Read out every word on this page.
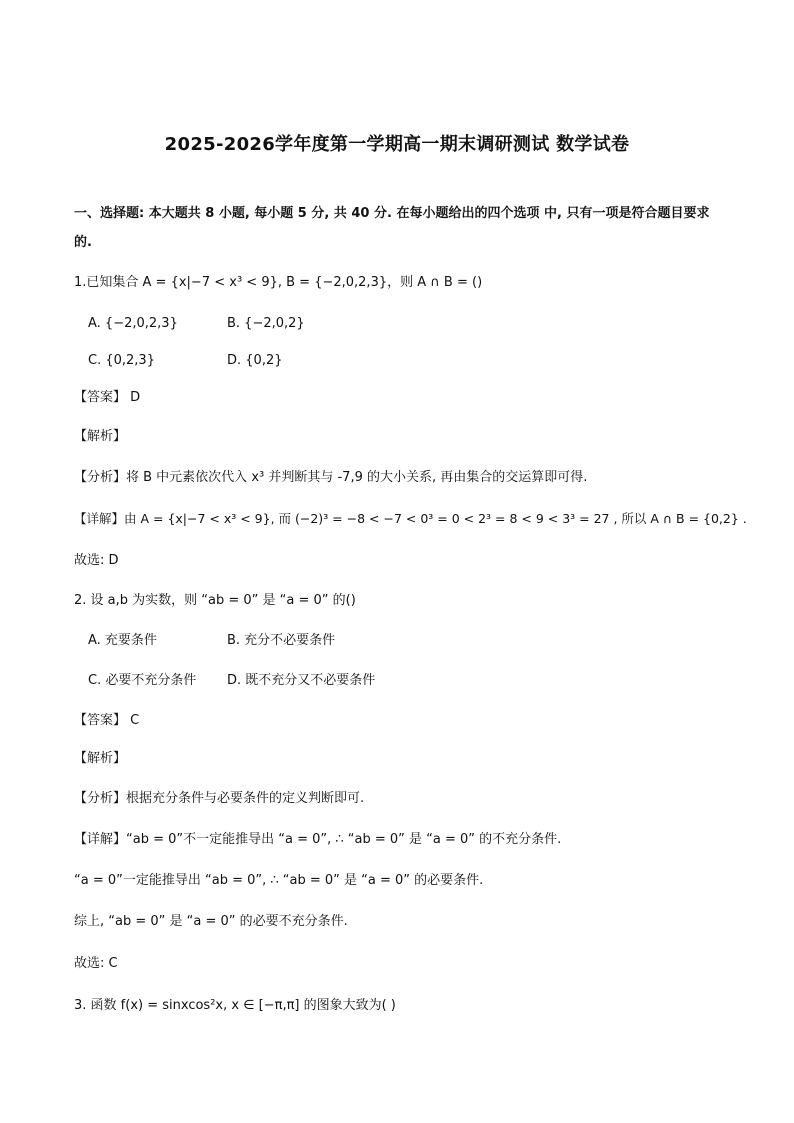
2025-2026学年度第一学期高一期末调研测试 数学试卷
一、选择题: 本大题共 8 小题, 每小题 5 分, 共 40 分. 在每小题给出的四个选项 中, 只有一项是符合题目要求
的.
1.已知集合 A = {x|−7 < x³ < 9}, B = {−2,0,2,3}，则 A ∩ B = ()
A. {−2,0,2,3}	B. {−2,0,2}
C. {0,2,3}	D. {0,2}
【答案】 D
【解析】
【分析】将 B 中元素依次代入 x³ 并判断其与 -7,9 的大小关系, 再由集合的交运算即可得.
【详解】由 A = {x|−7 < x³ < 9}, 而 (−2)³ = −8 < −7 < 0³ = 0 < 2³ = 8 < 9 < 3³ = 27 , 所以 A ∩ B = {0,2} .
故选: D
2. 设 a,b 为实数，则 “ab = 0” 是 “a = 0” 的()
A. 充要条件	B. 充分不必要条件
C. 必要不充分条件 D. 既不充分又不必要条件
【答案】 C
【解析】
【分析】根据充分条件与必要条件的定义判断即可.
【详解】“ab = 0”不一定能推导出 “a = 0”, ∴ “ab = 0” 是 “a = 0” 的不充分条件.
“a = 0”一定能推导出 “ab = 0”, ∴ “ab = 0” 是 “a = 0” 的必要条件.
综上, “ab = 0” 是 “a = 0” 的必要不充分条件.
故选: C
3. 函数 f(x) = sinxcos²x, x ∈ [−π,π] 的图象大致为( )
